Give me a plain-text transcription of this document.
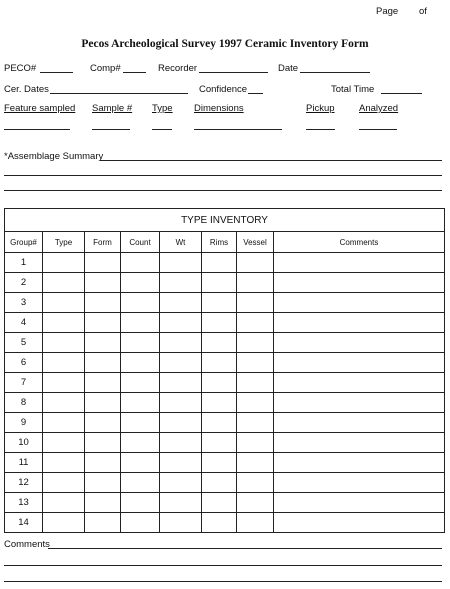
Page of
Pecos Archeological Survey 1997 Ceramic Inventory Form
PECO#	Comp#	Recorder	Date
Cer. Dates	Confidence	Total Time
Feature sampled Sample # Type Dimensions	Pickup	Analyzed
*Assemblage Summary
TYPE INVENTORY							
Group#	Type	Form	Count	Wt	Rims	Vessel	Comments
1							
2							
3							
4							
5							
6							
7							
8							
9							
10							
11							
12							
13							
14							
Comments
